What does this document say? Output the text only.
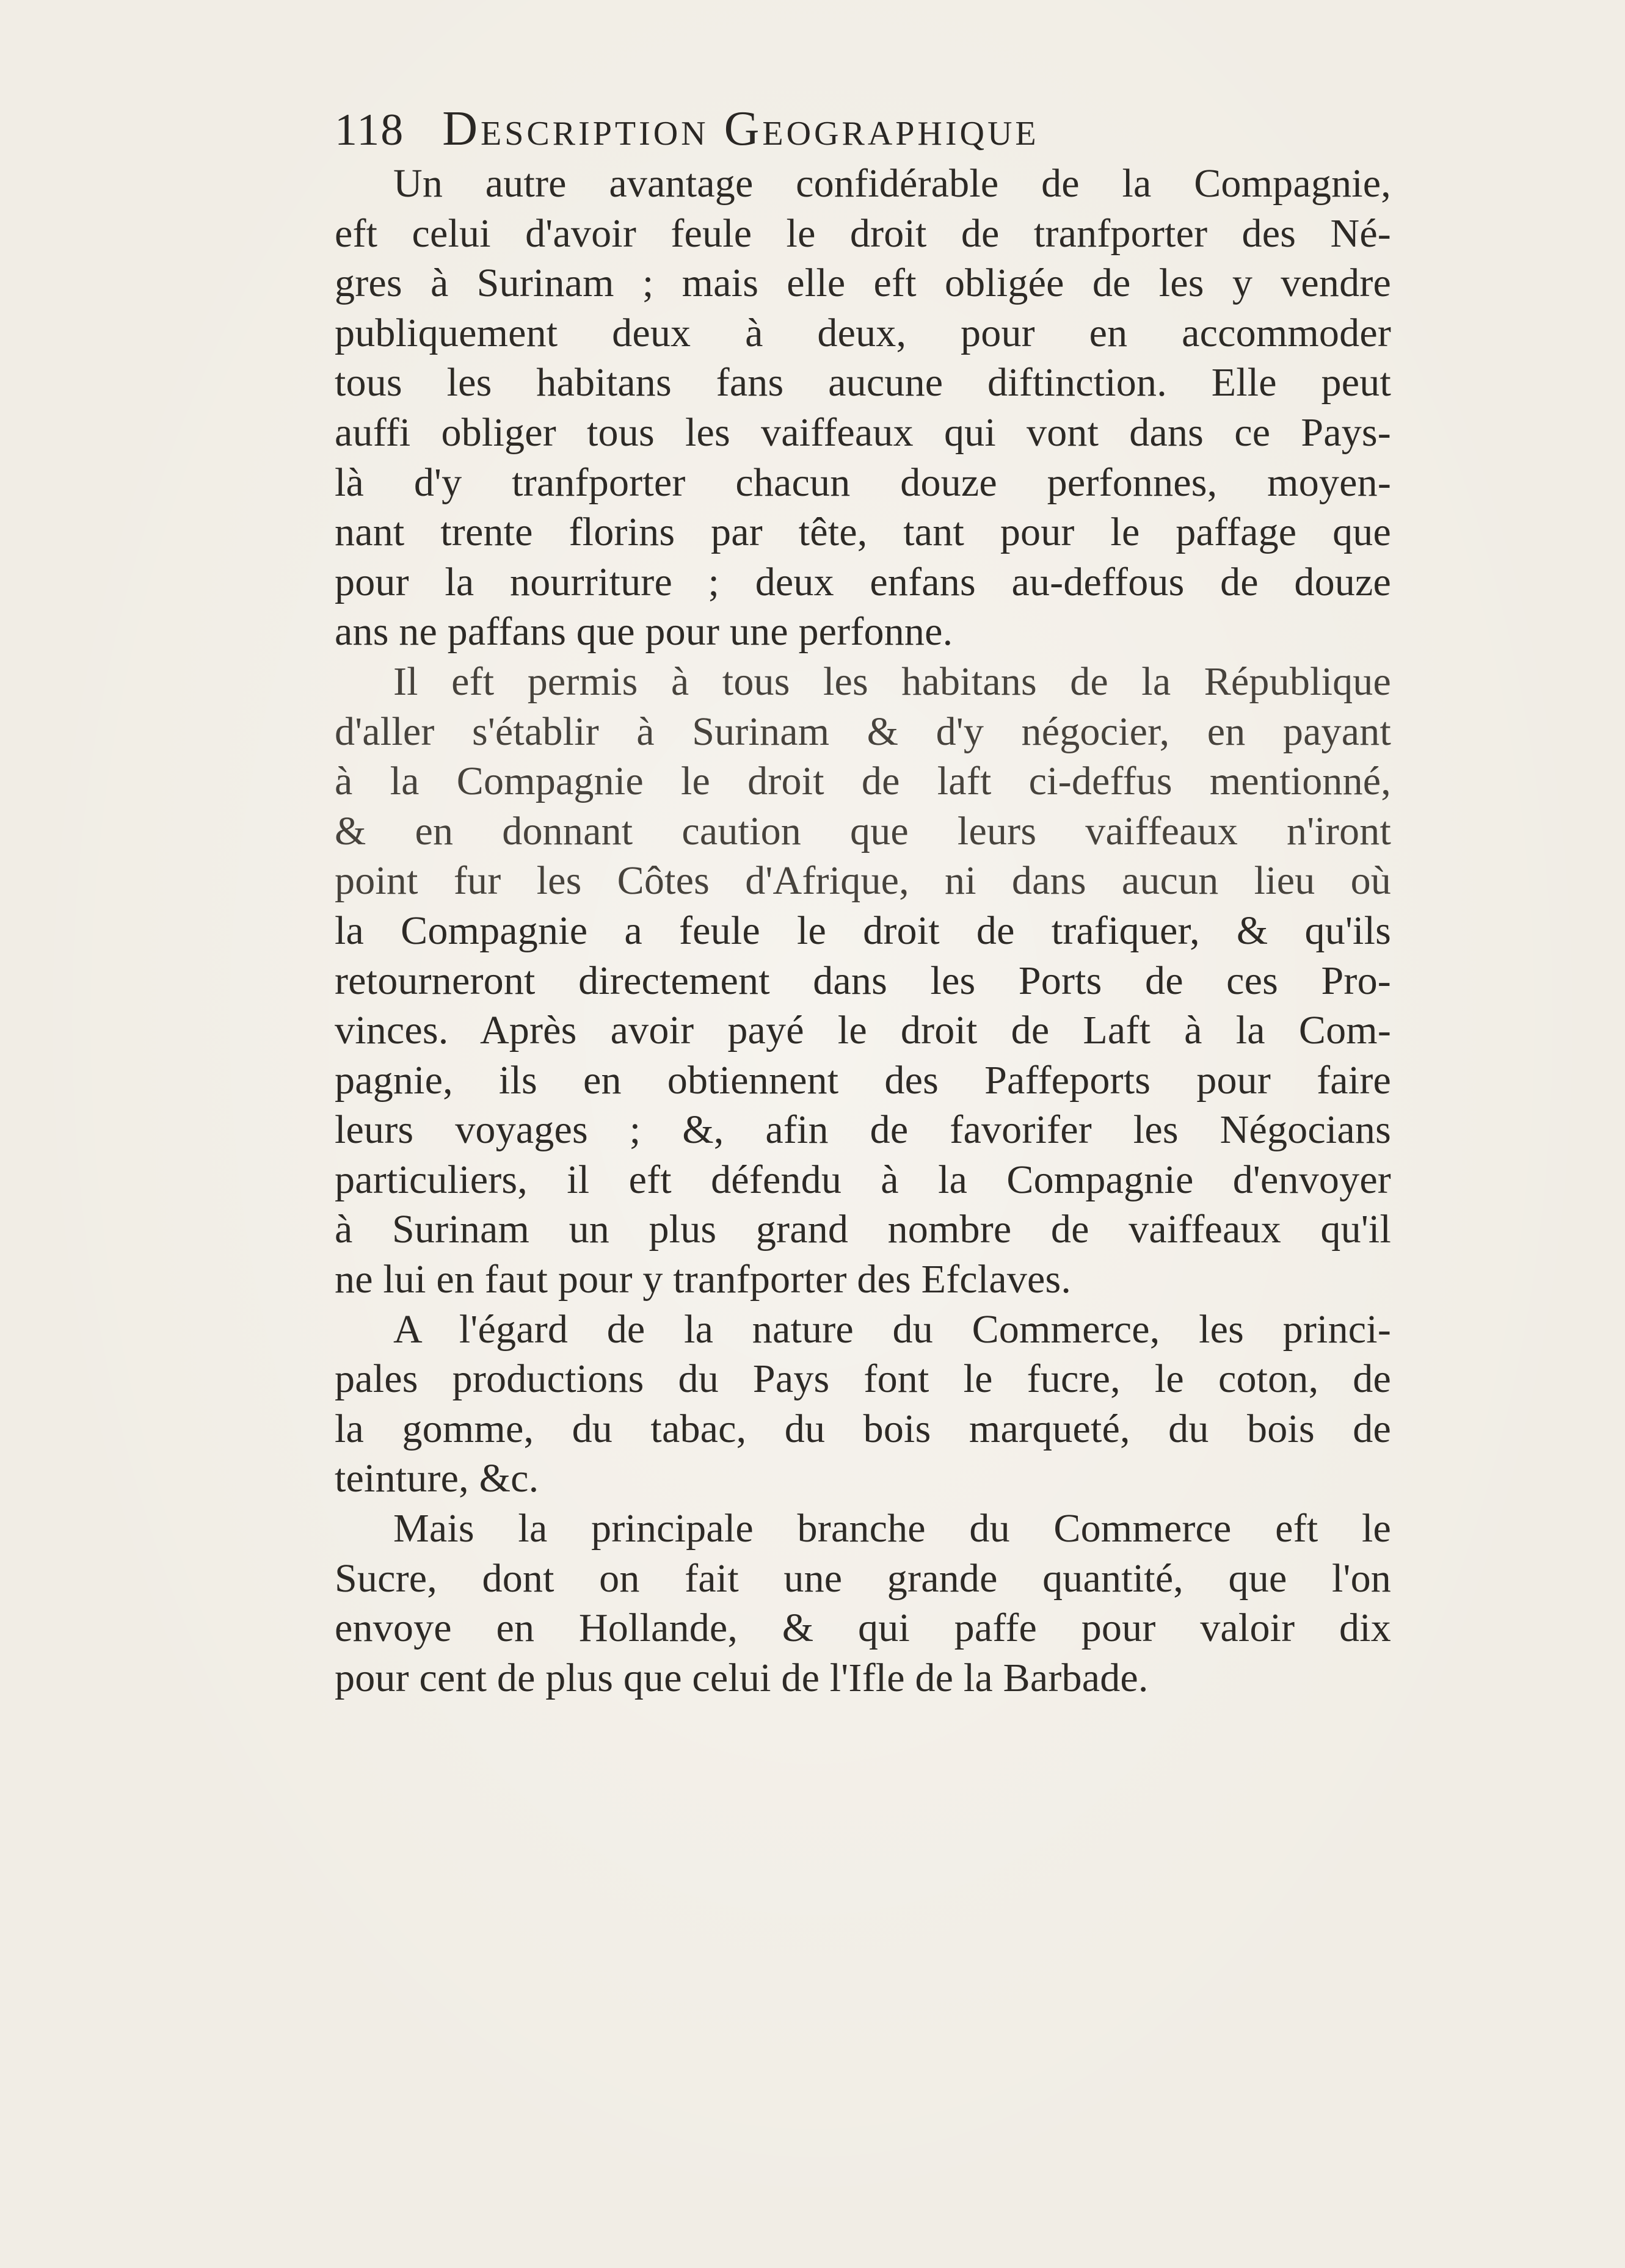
118 Description Geographique
Un autre avantage confidérable de la Compagnie,
eft celui d'avoir feule le droit de tranfporter des Né-
gres à Surinam ; mais elle eft obligée de les y vendre
publiquement deux à deux, pour en accommoder
tous les habitans fans aucune diftinction. Elle peut
auffi obliger tous les vaiffeaux qui vont dans ce Pays-
là d'y tranfporter chacun douze perfonnes, moyen-
nant trente florins par tête, tant pour le paffage que
pour la nourriture ; deux enfans au-deffous de douze
ans ne paffans que pour une perfonne.
Il eft permis à tous les habitans de la République
d'aller s'établir à Surinam & d'y négocier, en payant
à la Compagnie le droit de laft ci-deffus mentionné,
& en donnant caution que leurs vaiffeaux n'iront
point fur les Côtes d'Afrique, ni dans aucun lieu où
la Compagnie a feule le droit de trafiquer, & qu'ils
retourneront directement dans les Ports de ces Pro-
vinces. Après avoir payé le droit de Laft à la Com-
pagnie, ils en obtiennent des Paffeports pour faire
leurs voyages ; &, afin de favorifer les Négocians
particuliers, il eft défendu à la Compagnie d'envoyer
à Surinam un plus grand nombre de vaiffeaux qu'il
ne lui en faut pour y tranfporter des Efclaves.
A l'égard de la nature du Commerce, les princi-
pales productions du Pays font le fucre, le coton, de
la gomme, du tabac, du bois marqueté, du bois de
teinture, &c.
Mais la principale branche du Commerce eft le
Sucre, dont on fait une grande quantité, que l'on
envoye en Hollande, & qui paffe pour valoir dix
pour cent de plus que celui de l'Ifle de la Barbade.
